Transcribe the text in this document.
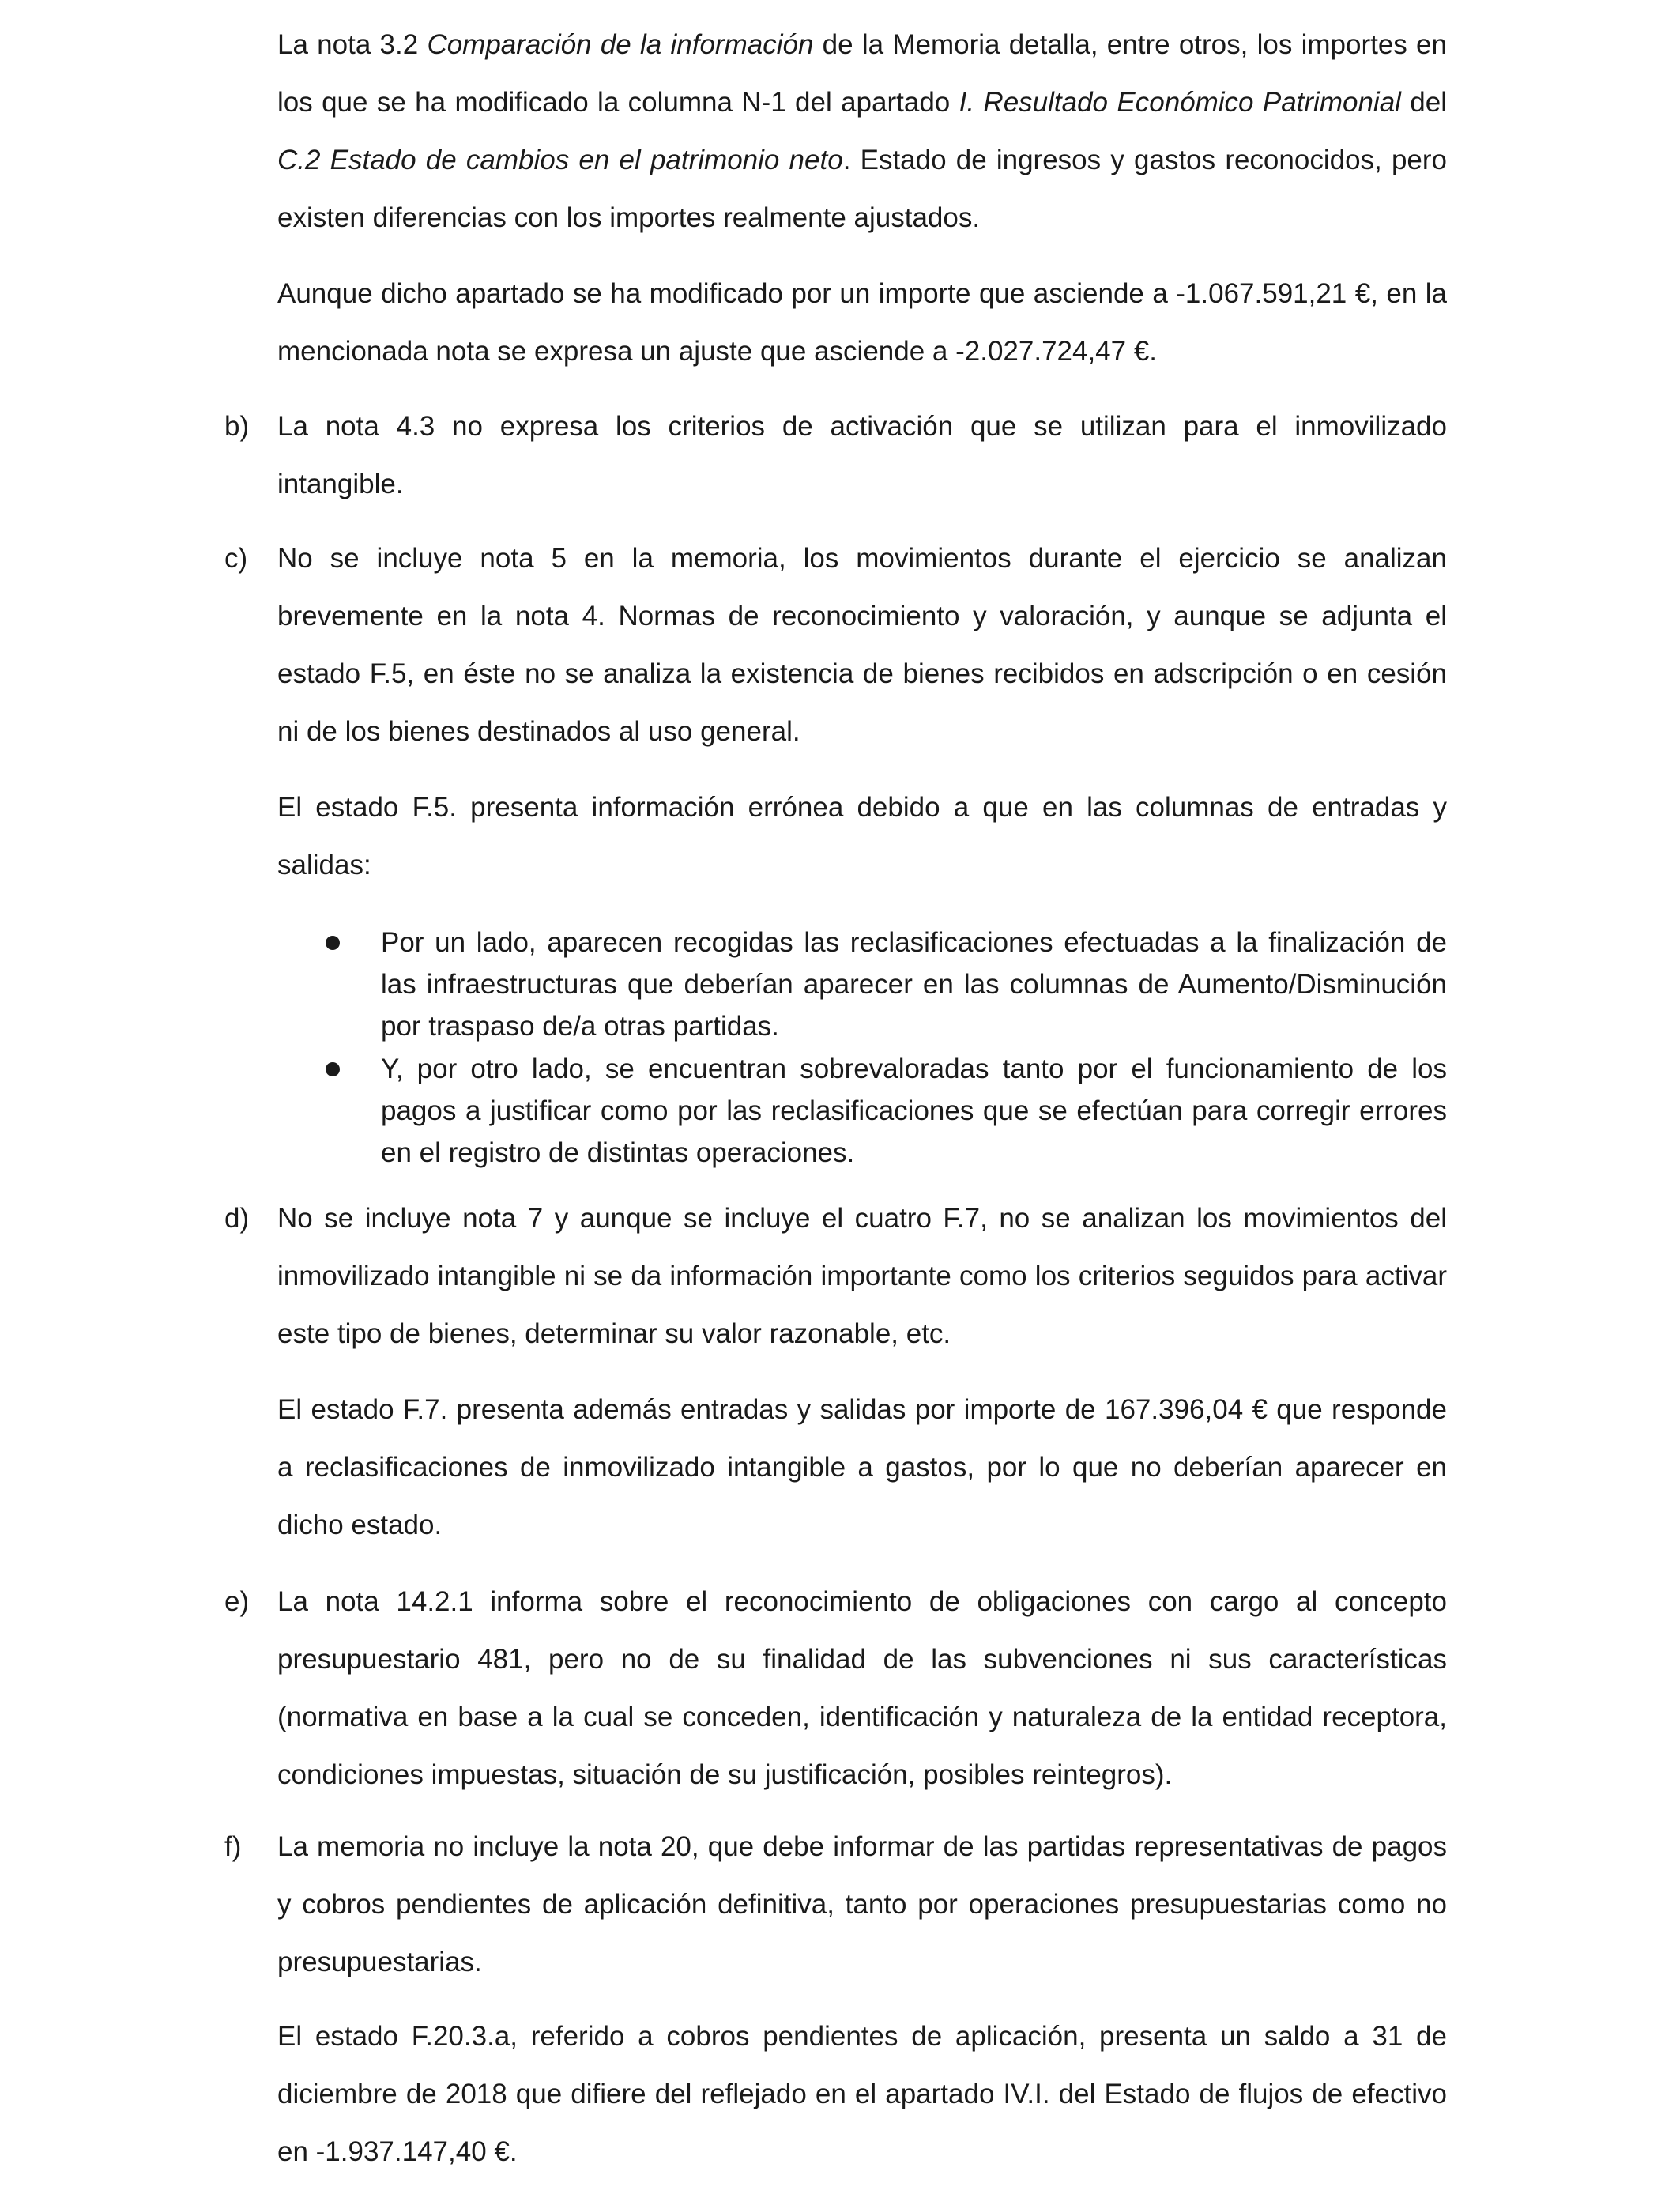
La nota 3.2 Comparación de la información de la Memoria detalla, entre otros, los importes en los que se ha modificado la columna N-1 del apartado I. Resultado Económico Patrimonial del C.2 Estado de cambios en el patrimonio neto. Estado de ingresos y gastos reconocidos, pero existen diferencias con los importes realmente ajustados.

Aunque dicho apartado se ha modificado por un importe que asciende a -1.067.591,21 €, en la mencionada nota se expresa un ajuste que asciende a -2.027.724,47 €.

b) La nota 4.3 no expresa los criterios de activación que se utilizan para el inmovilizado intangible.

c) No se incluye nota 5 en la memoria, los movimientos durante el ejercicio se analizan brevemente en la nota 4. Normas de reconocimiento y valoración, y aunque se adjunta el estado F.5, en éste no se analiza la existencia de bienes recibidos en adscripción o en cesión ni de los bienes destinados al uso general.

El estado F.5. presenta información errónea debido a que en las columnas de entradas y salidas:

Por un lado, aparecen recogidas las reclasificaciones efectuadas a la finalización de las infraestructuras que deberían aparecer en las columnas de Aumento/Disminución por traspaso de/a otras partidas.

Y, por otro lado, se encuentran sobrevaloradas tanto por el funcionamiento de los pagos a justificar como por las reclasificaciones que se efectúan para corregir errores en el registro de distintas operaciones.

d) No se incluye nota 7 y aunque se incluye el cuatro F.7, no se analizan los movimientos del inmovilizado intangible ni se da información importante como los criterios seguidos para activar este tipo de bienes, determinar su valor razonable, etc.

El estado F.7. presenta además entradas y salidas por importe de 167.396,04 € que responde a reclasificaciones de inmovilizado intangible a gastos, por lo que no deberían aparecer en dicho estado.

e) La nota 14.2.1 informa sobre el reconocimiento de obligaciones con cargo al concepto presupuestario 481, pero no de su finalidad de las subvenciones ni sus características (normativa en base a la cual se conceden, identificación y naturaleza de la entidad receptora, condiciones impuestas, situación de su justificación, posibles reintegros).

f) La memoria no incluye la nota 20, que debe informar de las partidas representativas de pagos y cobros pendientes de aplicación definitiva, tanto por operaciones presupuestarias como no presupuestarias.

El estado F.20.3.a, referido a cobros pendientes de aplicación, presenta un saldo a 31 de diciembre de 2018 que difiere del reflejado en el apartado IV.I. del Estado de flujos de efectivo en -1.937.147,40 €.
